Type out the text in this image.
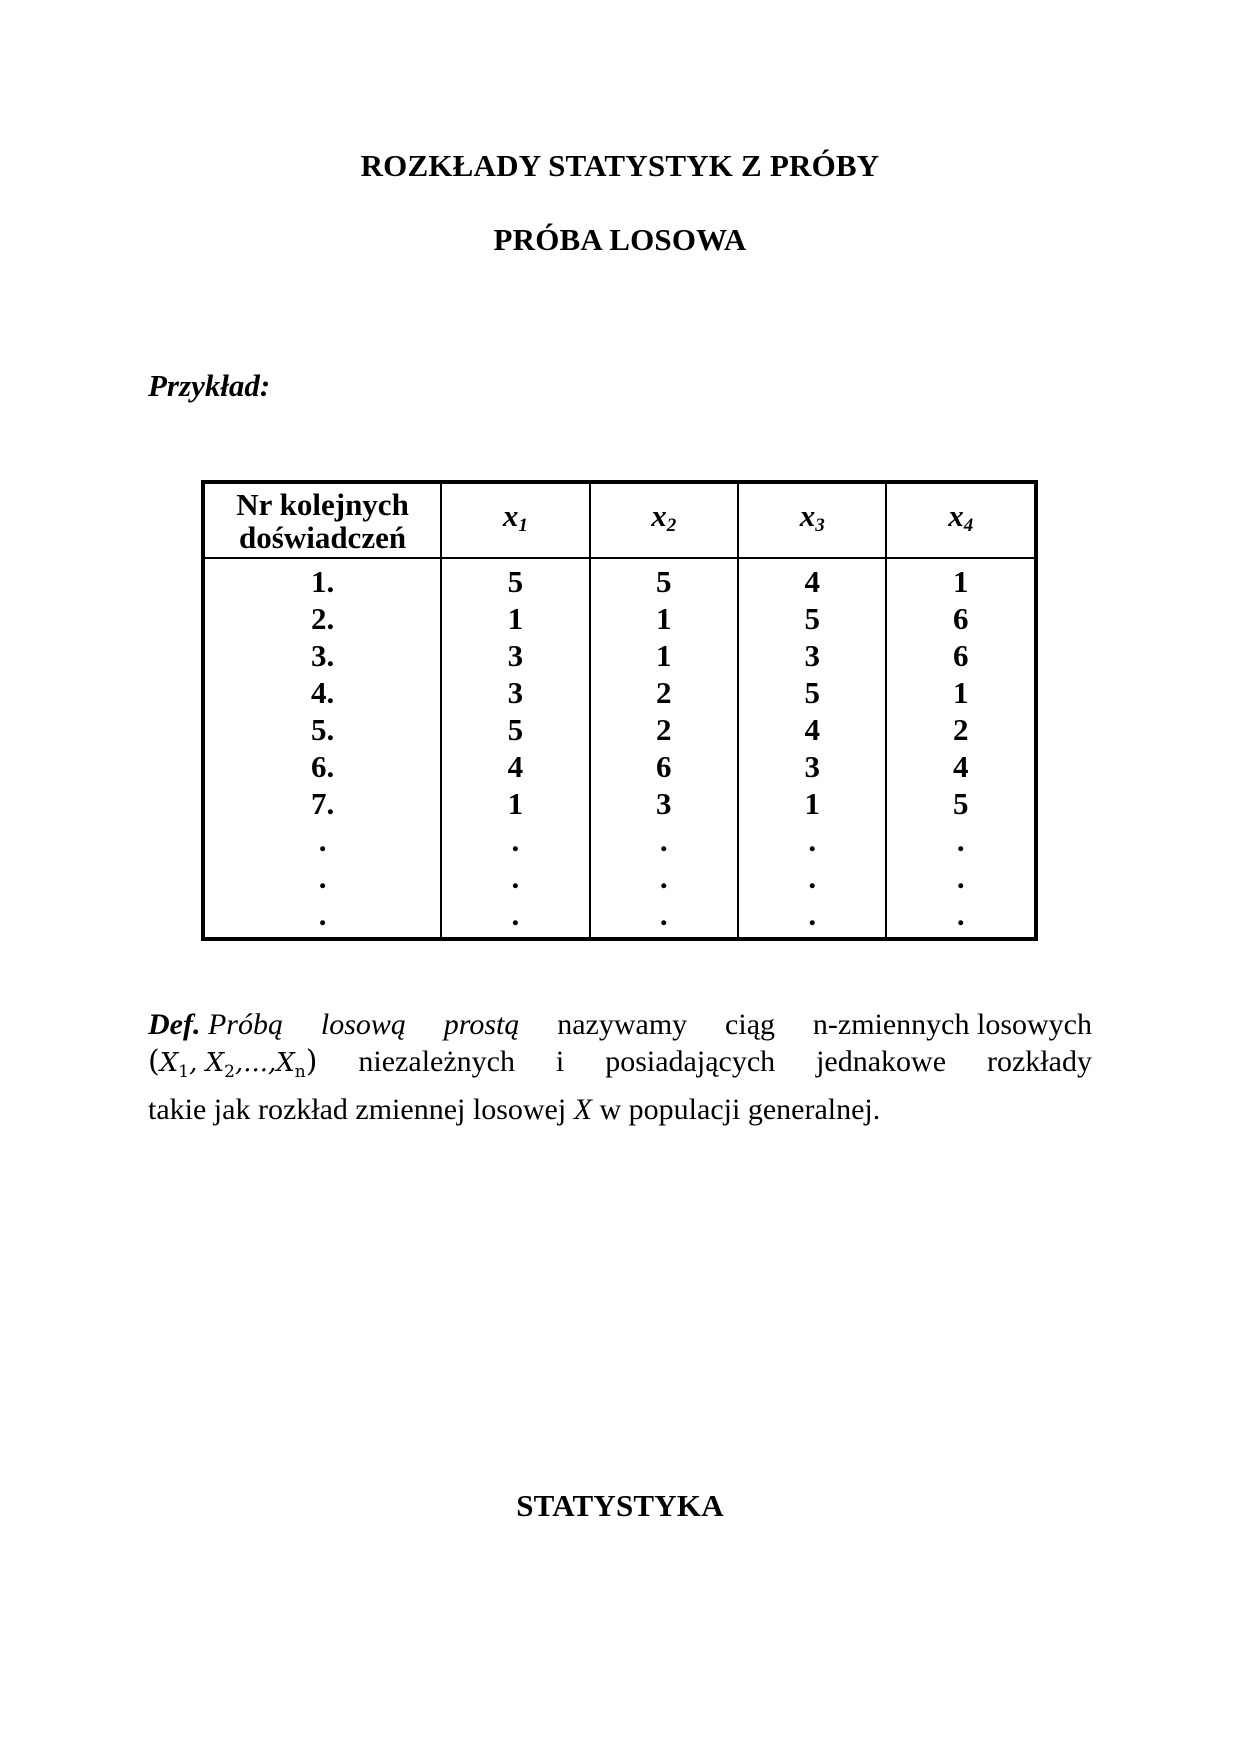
ROZKŁADY STATYSTYK Z PRÓBY
PRÓBA LOSOWA
Przykład:
Nr kolejnych
doświadczeń	$x_1$	$x_2$	$x_3$	$x_4$
1.	5	5	4	1
2.	1	1	5	6
3.	3	1	3	6
4.	3	2	5	1
5.	5	2	4	2
6.	4	6	3	4
7.	1	3	1	5
.	.	.	.	.
.	.	.	.	.
.	.	.	.	.
Def. Próbą losową prostą nazywamy ciąg n-zmiennych losowych
($X_1$, $X_2,...,X_n$) niezależnych i posiadających jednakowe rozkłady
takie jak rozkład zmiennej losowej X w populacji generalnej.
STATYSTYKA
